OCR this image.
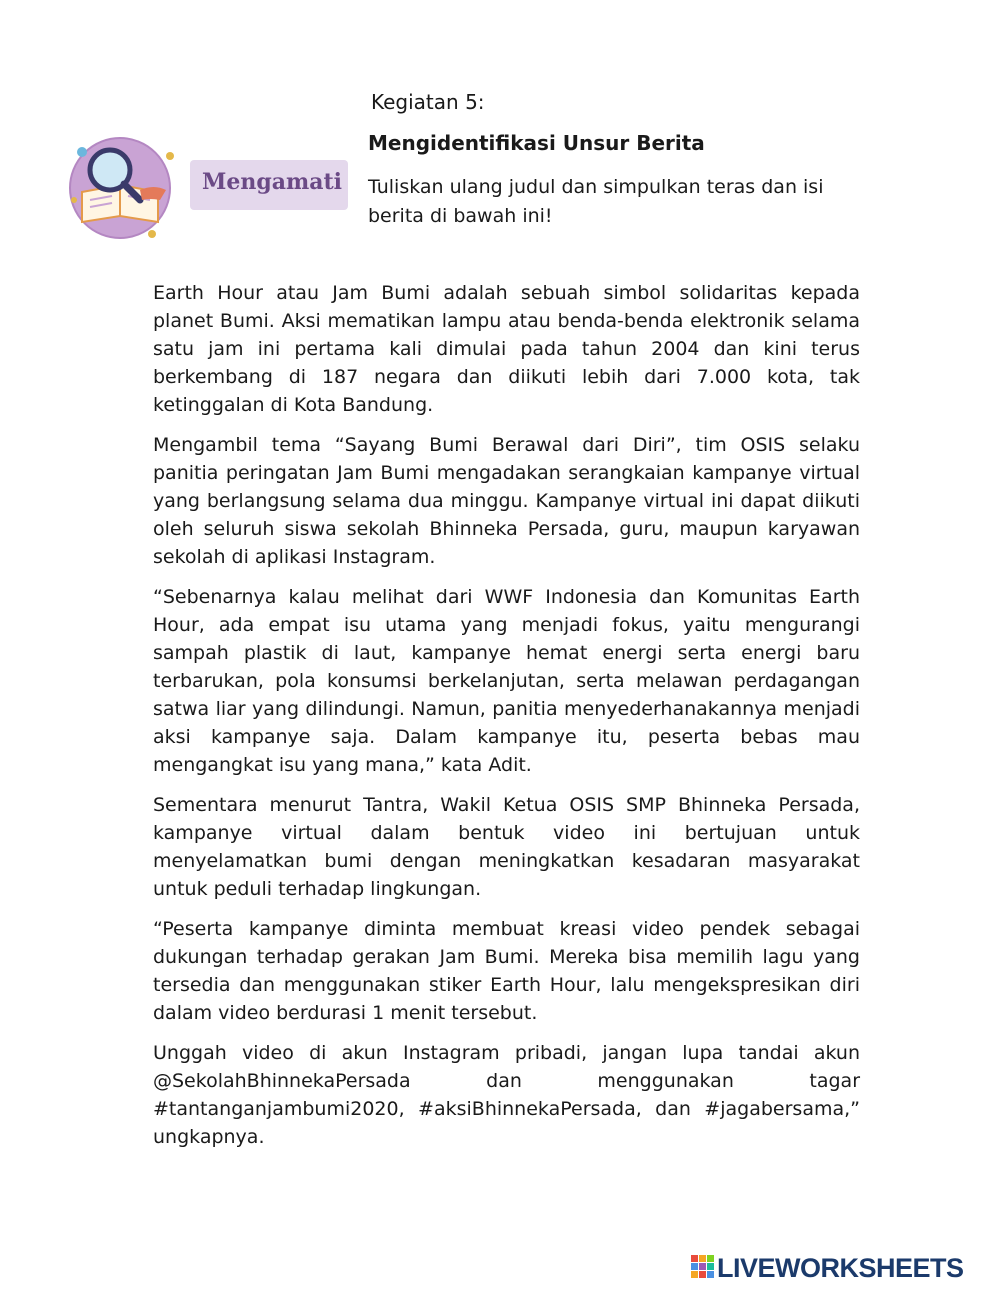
Kegiatan 5:
Mengidentifikasi Unsur Berita
Tuliskan ulang judul dan simpulkan teras dan isi berita di bawah ini!
Mengamati

Earth Hour atau Jam Bumi adalah sebuah simbol solidaritas kepada planet Bumi. Aksi mematikan lampu atau benda-benda elektronik selama satu jam ini pertama kali dimulai pada tahun 2004 dan kini terus berkembang di 187 negara dan diikuti lebih dari 7.000 kota, tak ketinggalan di Kota Bandung.

Mengambil tema “Sayang Bumi Berawal dari Diri”, tim OSIS selaku panitia peringatan Jam Bumi mengadakan serangkaian kampanye virtual yang berlangsung selama dua minggu. Kampanye virtual ini dapat diikuti oleh seluruh siswa sekolah Bhinneka Persada, guru, maupun karyawan sekolah di aplikasi Instagram.

“Sebenarnya kalau melihat dari WWF Indonesia dan Komunitas Earth Hour, ada empat isu utama yang menjadi fokus, yaitu mengurangi sampah plastik di laut, kampanye hemat energi serta energi baru terbarukan, pola konsumsi berkelanjutan, serta melawan perdagangan satwa liar yang dilindungi. Namun, panitia menyederhanakannya menjadi aksi kampanye saja. Dalam kampanye itu, peserta bebas mau mengangkat isu yang mana,” kata Adit.

Sementara menurut Tantra, Wakil Ketua OSIS SMP Bhinneka Persada, kampanye virtual dalam bentuk video ini bertujuan untuk menyelamatkan bumi dengan meningkatkan kesadaran masyarakat untuk peduli terhadap lingkungan.

“Peserta kampanye diminta membuat kreasi video pendek sebagai dukungan terhadap gerakan Jam Bumi. Mereka bisa memilih lagu yang tersedia dan menggunakan stiker Earth Hour, lalu mengekspresikan diri dalam video berdurasi 1 menit tersebut.

Unggah video di akun Instagram pribadi, jangan lupa tandai akun @SekolahBhinnekaPersada dan menggunakan tagar #tantanganjambumi2020, #aksiBhinnekaPersada, dan #jagabersama,” ungkapnya.

LIVEWORKSHEETS
